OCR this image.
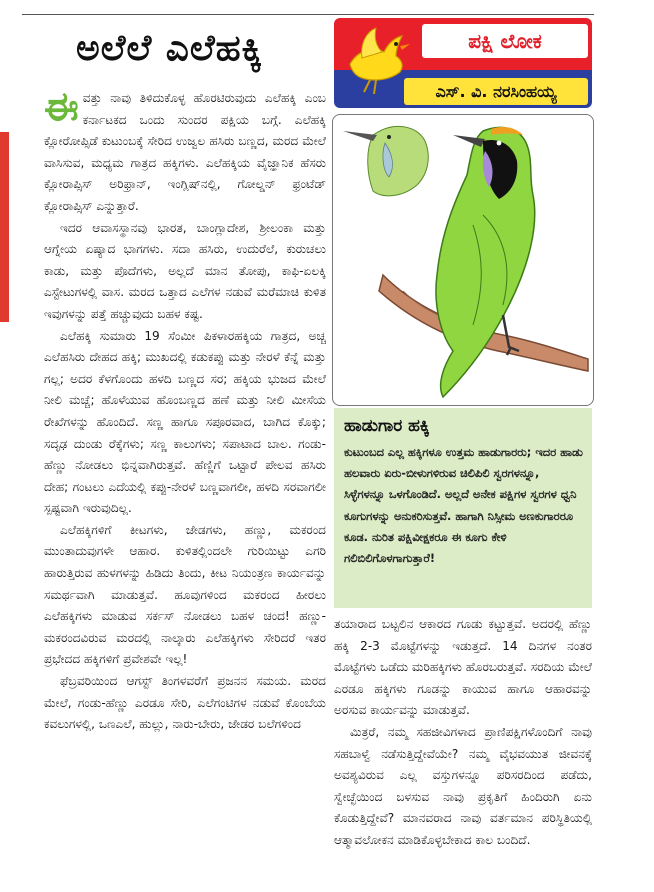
ಅಲೆಲೆ ಎಲೆಹಕ್ಕಿ

ಈವತ್ತು ನಾವು ತಿಳಿದುಕೊಳ್ಳ ಹೊರಟಿರುವುದು ಎಲೆಹಕ್ಕಿ ಎಂಬ ಕರ್ನಾಟಕದ ಒಂದು ಸುಂದರ ಪಕ್ಷಿಯ ಬಗ್ಗೆ. ಎಲೆಹಕ್ಕಿ ಕ್ಲೋರೋಪ್ಸಿಡೆ ಕುಟುಂಬಕ್ಕೆ ಸೇರಿದ ಉಜ್ವಲ ಹಸಿರು ಬಣ್ಣದ, ಮರದ ಮೇಲೆ ವಾಸಿಸುವ, ಮಧ್ಯಮ ಗಾತ್ರದ ಹಕ್ಕಿಗಳು. ಎಲೆಹಕ್ಕಿಯ ವೈಜ್ಞಾನಿಕ ಹೆಸರು ಕ್ಲೋರಾಪ್ಸಿಸ್ ಅರಿಫ್ರಾನ್, ಇಂಗ್ಲಿಷ್‌ನಲ್ಲಿ, ಗೋಲ್ಡನ್ ಫ್ರಂಟೆಡ್ ಕ್ಲೋರಾಪ್ಸಿಸ್ ಎನ್ನುತ್ತಾರೆ.

ಇದರ ಆವಾಸಸ್ಥಾನವು ಭಾರತ, ಬಾಂಗ್ಲಾದೇಶ, ಶ್ರೀಲಂಕಾ ಮತ್ತು ಆಗ್ನೇಯ ಏಷ್ಯಾದ ಭಾಗಗಳು. ಸದಾ ಹಸಿರು, ಉದುರೆಲೆ, ಕುರುಚಲು ಕಾಡು, ಮತ್ತು ಪೊದೆಗಳು, ಅಲ್ಲದೆ ಮಾನ ತೋಪು, ಕಾಫಿ-ಏಲಕ್ಕಿ ಎಸ್ಟೇಟುಗಳಲ್ಲಿ ವಾಸ. ಮರದ ಒತ್ತಾದ ಎಲೆಗಳ ನಡುವೆ ಮರೆಮಾಚಿ ಕುಳಿತ ಇವುಗಳನ್ನು ಪತ್ತೆ ಹಚ್ಚುವುದು ಬಹಳ ಕಷ್ಟ.

ಎಲೆಹಕ್ಕಿ ಸುಮಾರು 19 ಸೆಂಮೀ ಪಿಕಳಾರಹಕ್ಕಿಯ ಗಾತ್ರದ, ಅಚ್ಚ ಎಲೆಹಸಿರು ದೇಹದ ಹಕ್ಕಿ; ಮುಖದಲ್ಲಿ ಕಡುಕಪ್ಪು ಮತ್ತು ನೇರಳೆ ಕೆನ್ನೆ ಮತ್ತು ಗಲ್ಲ; ಅದರ ಕೆಳಗೊಂದು ಹಳದಿ ಬಣ್ಣದ ಸರ; ಹಕ್ಕಿಯ ಭುಜದ ಮೇಲೆ ನೀಲಿ ಮಚ್ಚೆ; ಹೊಳೆಯುವ ಹೊಂಬಣ್ಣದ ಹಣೆ ಮತ್ತು ನೀಲಿ ಮೀಸೆಯ ರೇಖೆಗಳನ್ನು ಹೊಂದಿದೆ. ಸಣ್ಣ ಹಾಗೂ ಸಪೂರವಾದ, ಬಾಗಿದ ಕೊಕ್ಕು; ಸದೃಢ ದುಂಡು ರೆಕ್ಕೆಗಳು; ಸಣ್ಣ ಕಾಲುಗಳು; ಸಪಾಟಾದ ಬಾಲ. ಗಂಡು-ಹೆಣ್ಣು ನೋಡಲು ಭಿನ್ನವಾಗಿರುತ್ತವೆ. ಹೆಣ್ಣಿಗೆ ಒಟ್ಟಾರೆ ಪೇಲವ ಹಸಿರು ದೇಹ; ಗಂಟಲು ಎದೆಯಲ್ಲಿ ಕಪ್ಪು-ನೇರಳೆ ಬಣ್ಣವಾಗಲೀ, ಹಳದಿ ಸರವಾಗಲೀ ಸ್ಪಷ್ಟವಾಗಿ ಇರುವುದಿಲ್ಲ.

ಎಲೆಹಕ್ಕಿಗಳಿಗೆ ಕೀಟಗಳು, ಜೇಡಗಳು, ಹಣ್ಣು, ಮಕರಂದ ಮುಂತಾದುವುಗಳೇ ಆಹಾರ. ಕುಳಿತಲ್ಲಿಂದಲೇ ಗುರಿಯಿಟ್ಟು ಎಗರಿ ಹಾರುತ್ತಿರುವ ಹುಳಗಳನ್ನು ಹಿಡಿದು ತಿಂದು, ಕೀಟ ನಿಯಂತ್ರಣ ಕಾರ್ಯವನ್ನು ಸಮರ್ಥವಾಗಿ ಮಾಡುತ್ತವೆ. ಹೂವುಗಳಿಂದ ಮಕರಂದ ಹೀರಲು ಎಲೆಹಕ್ಕಿಗಳು ಮಾಡುವ ಸರ್ಕಸ್ ನೋಡಲು ಬಹಳ ಚಂದ! ಹಣ್ಣು-ಮಕರಂದವಿರುವ ಮರದಲ್ಲಿ ನಾಲ್ಕಾರು ಎಲೆಹಕ್ಕಿಗಳು ಸೇರಿದರೆ ಇತರ ಪ್ರಭೇದದ ಹಕ್ಕಿಗಳಿಗೆ ಪ್ರವೇಶವೇ ಇಲ್ಲ!

ಫೆಬ್ರವರಿಯಿಂದ ಆಗಸ್ಟ್ ತಿಂಗಳವರೆಗೆ ಪ್ರಜನನ ಸಮಯ. ಮರದ ಮೇಲೆ, ಗಂಡು-ಹೆಣ್ಣು ಎರಡೂ ಸೇರಿ, ಎಲೆಗಂಟಿಗಳ ನಡುವೆ ಕೊಂಬೆಯ ಕವಲುಗಳಲ್ಲಿ, ಒಣಎಲೆ, ಹುಲ್ಲು, ನಾರು-ಬೇರು, ಜೇಡರ ಬಲೆಗಳಿಂದ

ಪಕ್ಷಿ ಲೋಕ
ಎಸ್. ವಿ. ನರಸಿಂಹಯ್ಯ
ಹಾಡುಗಾರ ಹಕ್ಕಿ
ಕುಟುಂಬದ ಎಲ್ಲ ಹಕ್ಕಿಗಳೂ ಉತ್ತಮ ಹಾಡುಗಾರರು; ಇದರ ಹಾಡು ಹಲವಾರು ಏರು-ಬೀಳುಗಳಿರುವ ಚಿಲಿಪಿಲಿ ಸ್ವರಗಳನ್ನೂ, ಸಿಳ್ಳೆಗಳನ್ನೂ ಒಳಗೊಂಡಿದೆ. ಅಲ್ಲದೆ ಅನೇಕ ಪಕ್ಷಿಗಳ ಸ್ವರಗಳ ಧ್ವನಿ ಕೂಗುಗಳನ್ನು ಅನುಕರಿಸುತ್ತವೆ. ಹಾಗಾಗಿ ನಿಸ್ಸೀಮ ಅಣಕುಗಾರರೂ ಕೂಡ. ನುರಿತ ಪಕ್ಷಿವೀಕ್ಷಕರೂ ಈ ಕೂಗು ಕೇಳಿ ಗಲಿಬಿಲಿಗೊಳಗಾಗುತ್ತಾರೆ!

ತಯಾರಾದ ಬಟ್ಟಲಿನ ಆಕಾರದ ಗೂಡು ಕಟ್ಟುತ್ತವೆ. ಅದರಲ್ಲಿ ಹೆಣ್ಣು ಹಕ್ಕಿ 2-3 ಮೊಟ್ಟೆಗಳನ್ನು ಇಡುತ್ತದೆ. 14 ದಿನಗಳ ನಂತರ ಮೊಟ್ಟೆಗಳು ಒಡೆದು ಮರಿಹಕ್ಕಿಗಳು ಹೊರಬರುತ್ತವೆ. ಸರದಿಯ ಮೇಲೆ ಎರಡೂ ಹಕ್ಕಿಗಳು ಗೂಡನ್ನು ಕಾಯುವ ಹಾಗೂ ಆಹಾರವನ್ನು ಅರಸುವ ಕಾರ್ಯವನ್ನು ಮಾಡುತ್ತವೆ.

ಮಿತ್ರರೆ, ನಮ್ಮ ಸಹಜೀವಿಗಳಾದ ಪ್ರಾಣಿಪಕ್ಷಿಗಳೊಂದಿಗೆ ನಾವು ಸಹಬಾಳ್ವೆ ನಡೆಸುತ್ತಿದ್ದೇವೆಯೇ? ನಮ್ಮ ವೈಭವಯುತ ಜೀವನಕ್ಕೆ ಅವಶ್ಯವಿರುವ ಎಲ್ಲ ವಸ್ತುಗಳನ್ನೂ ಪರಿಸರದಿಂದ ಪಡೆದು, ಸ್ವೇಚ್ಛೆಯಿಂದ ಬಳಸುವ ನಾವು ಪ್ರಕೃತಿಗೆ ಹಿಂದಿರುಗಿ ಏನು ಕೊಡುತ್ತಿದ್ದೇವೆ? ಮಾನವರಾದ ನಾವು ವರ್ತಮಾನ ಪರಿಸ್ಥಿತಿಯಲ್ಲಿ ಆತ್ಮಾವಲೋಕನ ಮಾಡಿಕೊಳ್ಳಬೇಕಾದ ಕಾಲ ಬಂದಿದೆ.
